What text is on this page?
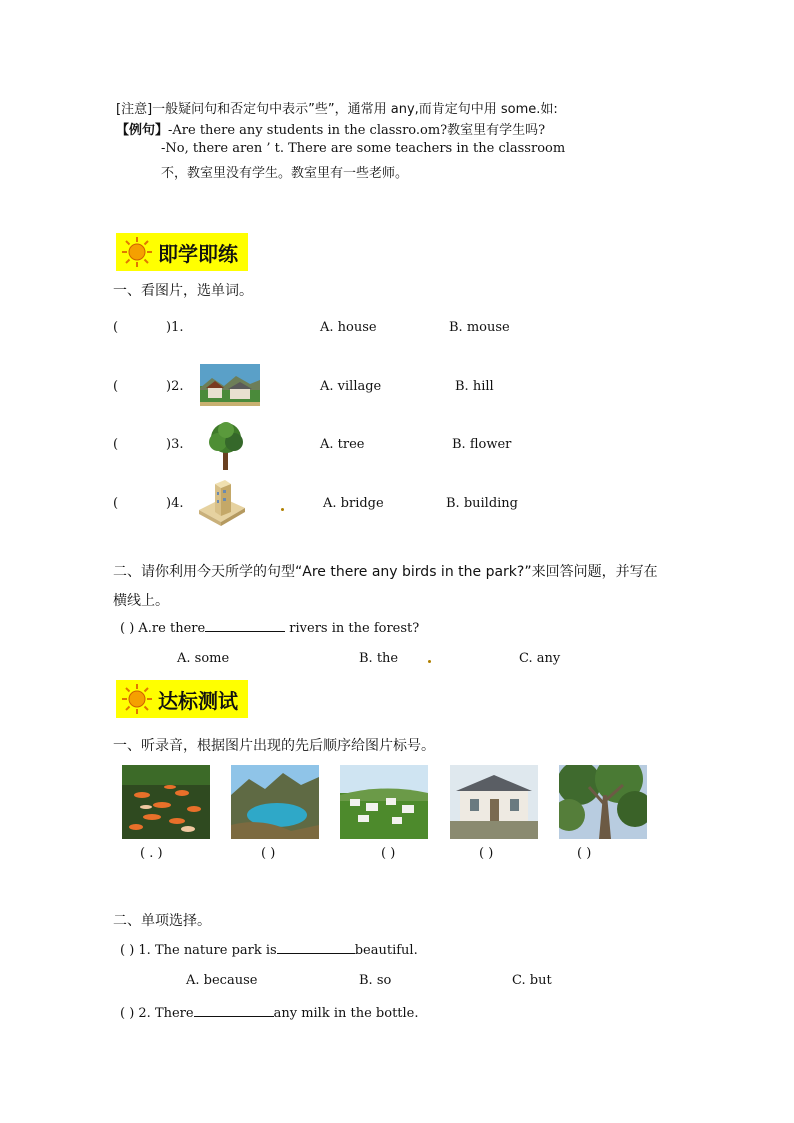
[注意]一般疑问句和否定句中表示”些”，通常用 any,而肯定句中用 some.如:
【例句】-Are there any students in the classro.om?教室里有学生吗?
-No, there aren ’ t. There are some teachers in the classroom
不，教室里没有学生。教室里有一些老师。
即学即练
一、看图片，选单词。
(	)1.	A. house	B. mouse
(	)2.	A. village	B. hill
(	)3.	A. tree	B. flower
(	)4.	A. bridge	B. building
二、请你利用今天所学的句型“Are there any birds in the park?”来回答问题，并写在
横线上。
( ) A.re there	rivers in the forest?
A. some	B. the	C. any
达标测试
一、听录音，根据图片出现的先后顺序给图片标号。
( . )	( )	( )	( )	( )
二、单项选择。
( ) 1. The nature park is	beautiful.
A. because	B. so	C. but
( ) 2. There	any milk in the bottle.
